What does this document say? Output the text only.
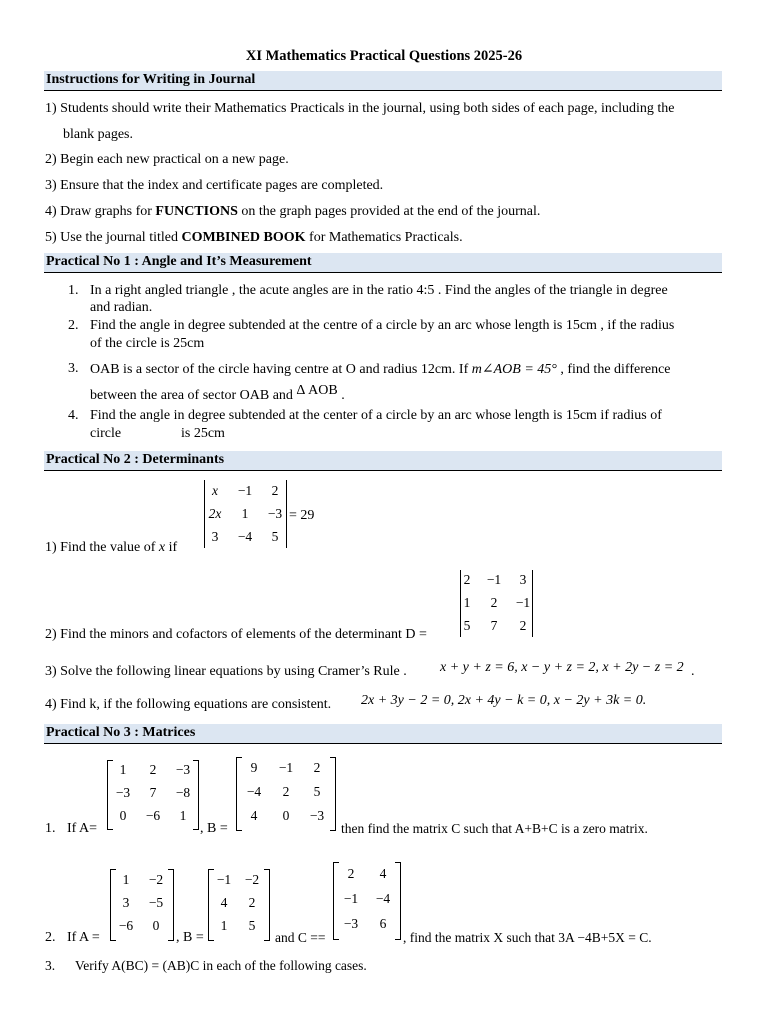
XI Mathematics Practical Questions 2025-26
Instructions for Writing in Journal
1) Students should write their Mathematics Practicals in the journal, using both sides of each page, including the
blank pages.
2) Begin each new practical on a new page.
3) Ensure that the index and certificate pages are completed.
4) Draw graphs for FUNCTIONS on the graph pages provided at the end of the journal.
5) Use the journal titled COMBINED BOOK for Mathematics Practicals.
Practical No 1 : Angle and It’s Measurement
1. In a right angled triangle , the acute angles are in the ratio 4:5 . Find the angles of the triangle in degree
and radian.
2. Find the angle in degree subtended at the centre of a circle by an arc whose length is 15cm , if the radius
of the circle is 25cm
3. OAB is a sector of the circle having centre at O and radius 12cm. If m∠AOB = 45° , find the difference
between the area of sector OAB and Δ AOB .
4. Find the angle in degree subtended at the center of a circle by an arc whose length is 15cm if radius of
circle	is 25cm
Practical No 2 : Determinants
1) Find the value of x if
x	−1	2
2x	1	−3
3	−4	5
= 29
2) Find the minors and cofactors of elements of the determinant D =
2	−1	3
1	2	−1
5	7	2
3) Solve the following linear equations by using Cramer’s Rule . x + y + z = 6, x − y + z = 2, x + 2y − z = 2 .
4) Find k, if the following equations are consistent. 2x + 3y − 2 = 0, 2x + 4y − k = 0, x − 2y + 3k = 0.
Practical No 3 : Matrices
1. If A=
1	2	−3
−3	7	−8
0	−6	1
, B =
9	−1	2
−4	2	5
4	0	−3
then find the matrix C such that A+B+C is a zero matrix.
2. If A =
1	−2
3	−5
−6	0
, B =
−1	−2
4	2
1	5
and C ==
2	4
−1	−4
−3	6
, find the matrix X such that 3A −4B+5X = C.
3. Verify A(BC) = (AB)C in each of the following cases.
